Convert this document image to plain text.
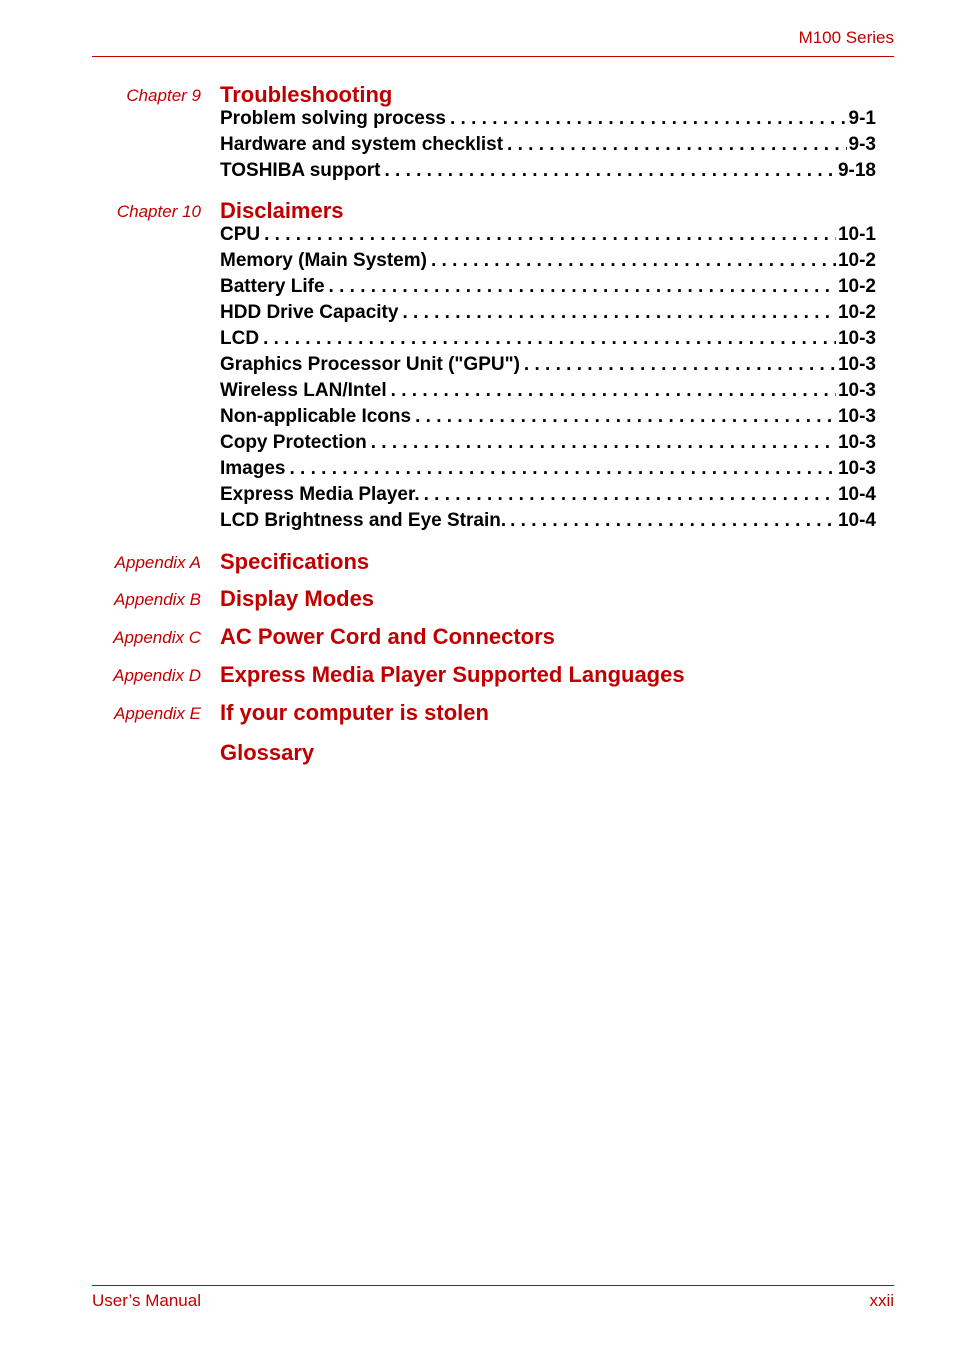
M100 Series
Chapter 9 Troubleshooting
Problem solving process . . .	9-1
Hardware and system checklist . . .	9-3
TOSHIBA support . . .	9-18
Chapter 10 Disclaimers
CPU . . .	10-1
Memory (Main System) . . .	10-2
Battery Life . . .	10-2
HDD Drive Capacity . . .	10-2
LCD . . .	10-3
Graphics Processor Unit ("GPU") . . .	10-3
Wireless LAN/Intel . . .	10-3
Non-applicable Icons . . .	10-3
Copy Protection . . .	10-3
Images . . .	10-3
Express Media Player. . . .	10-4
LCD Brightness and Eye Strain. . . .	10-4
Appendix A Specifications
Appendix B Display Modes
Appendix C AC Power Cord and Connectors
Appendix D Express Media Player Supported Languages
Appendix E If your computer is stolen
Glossary
User’s Manual	xxii
